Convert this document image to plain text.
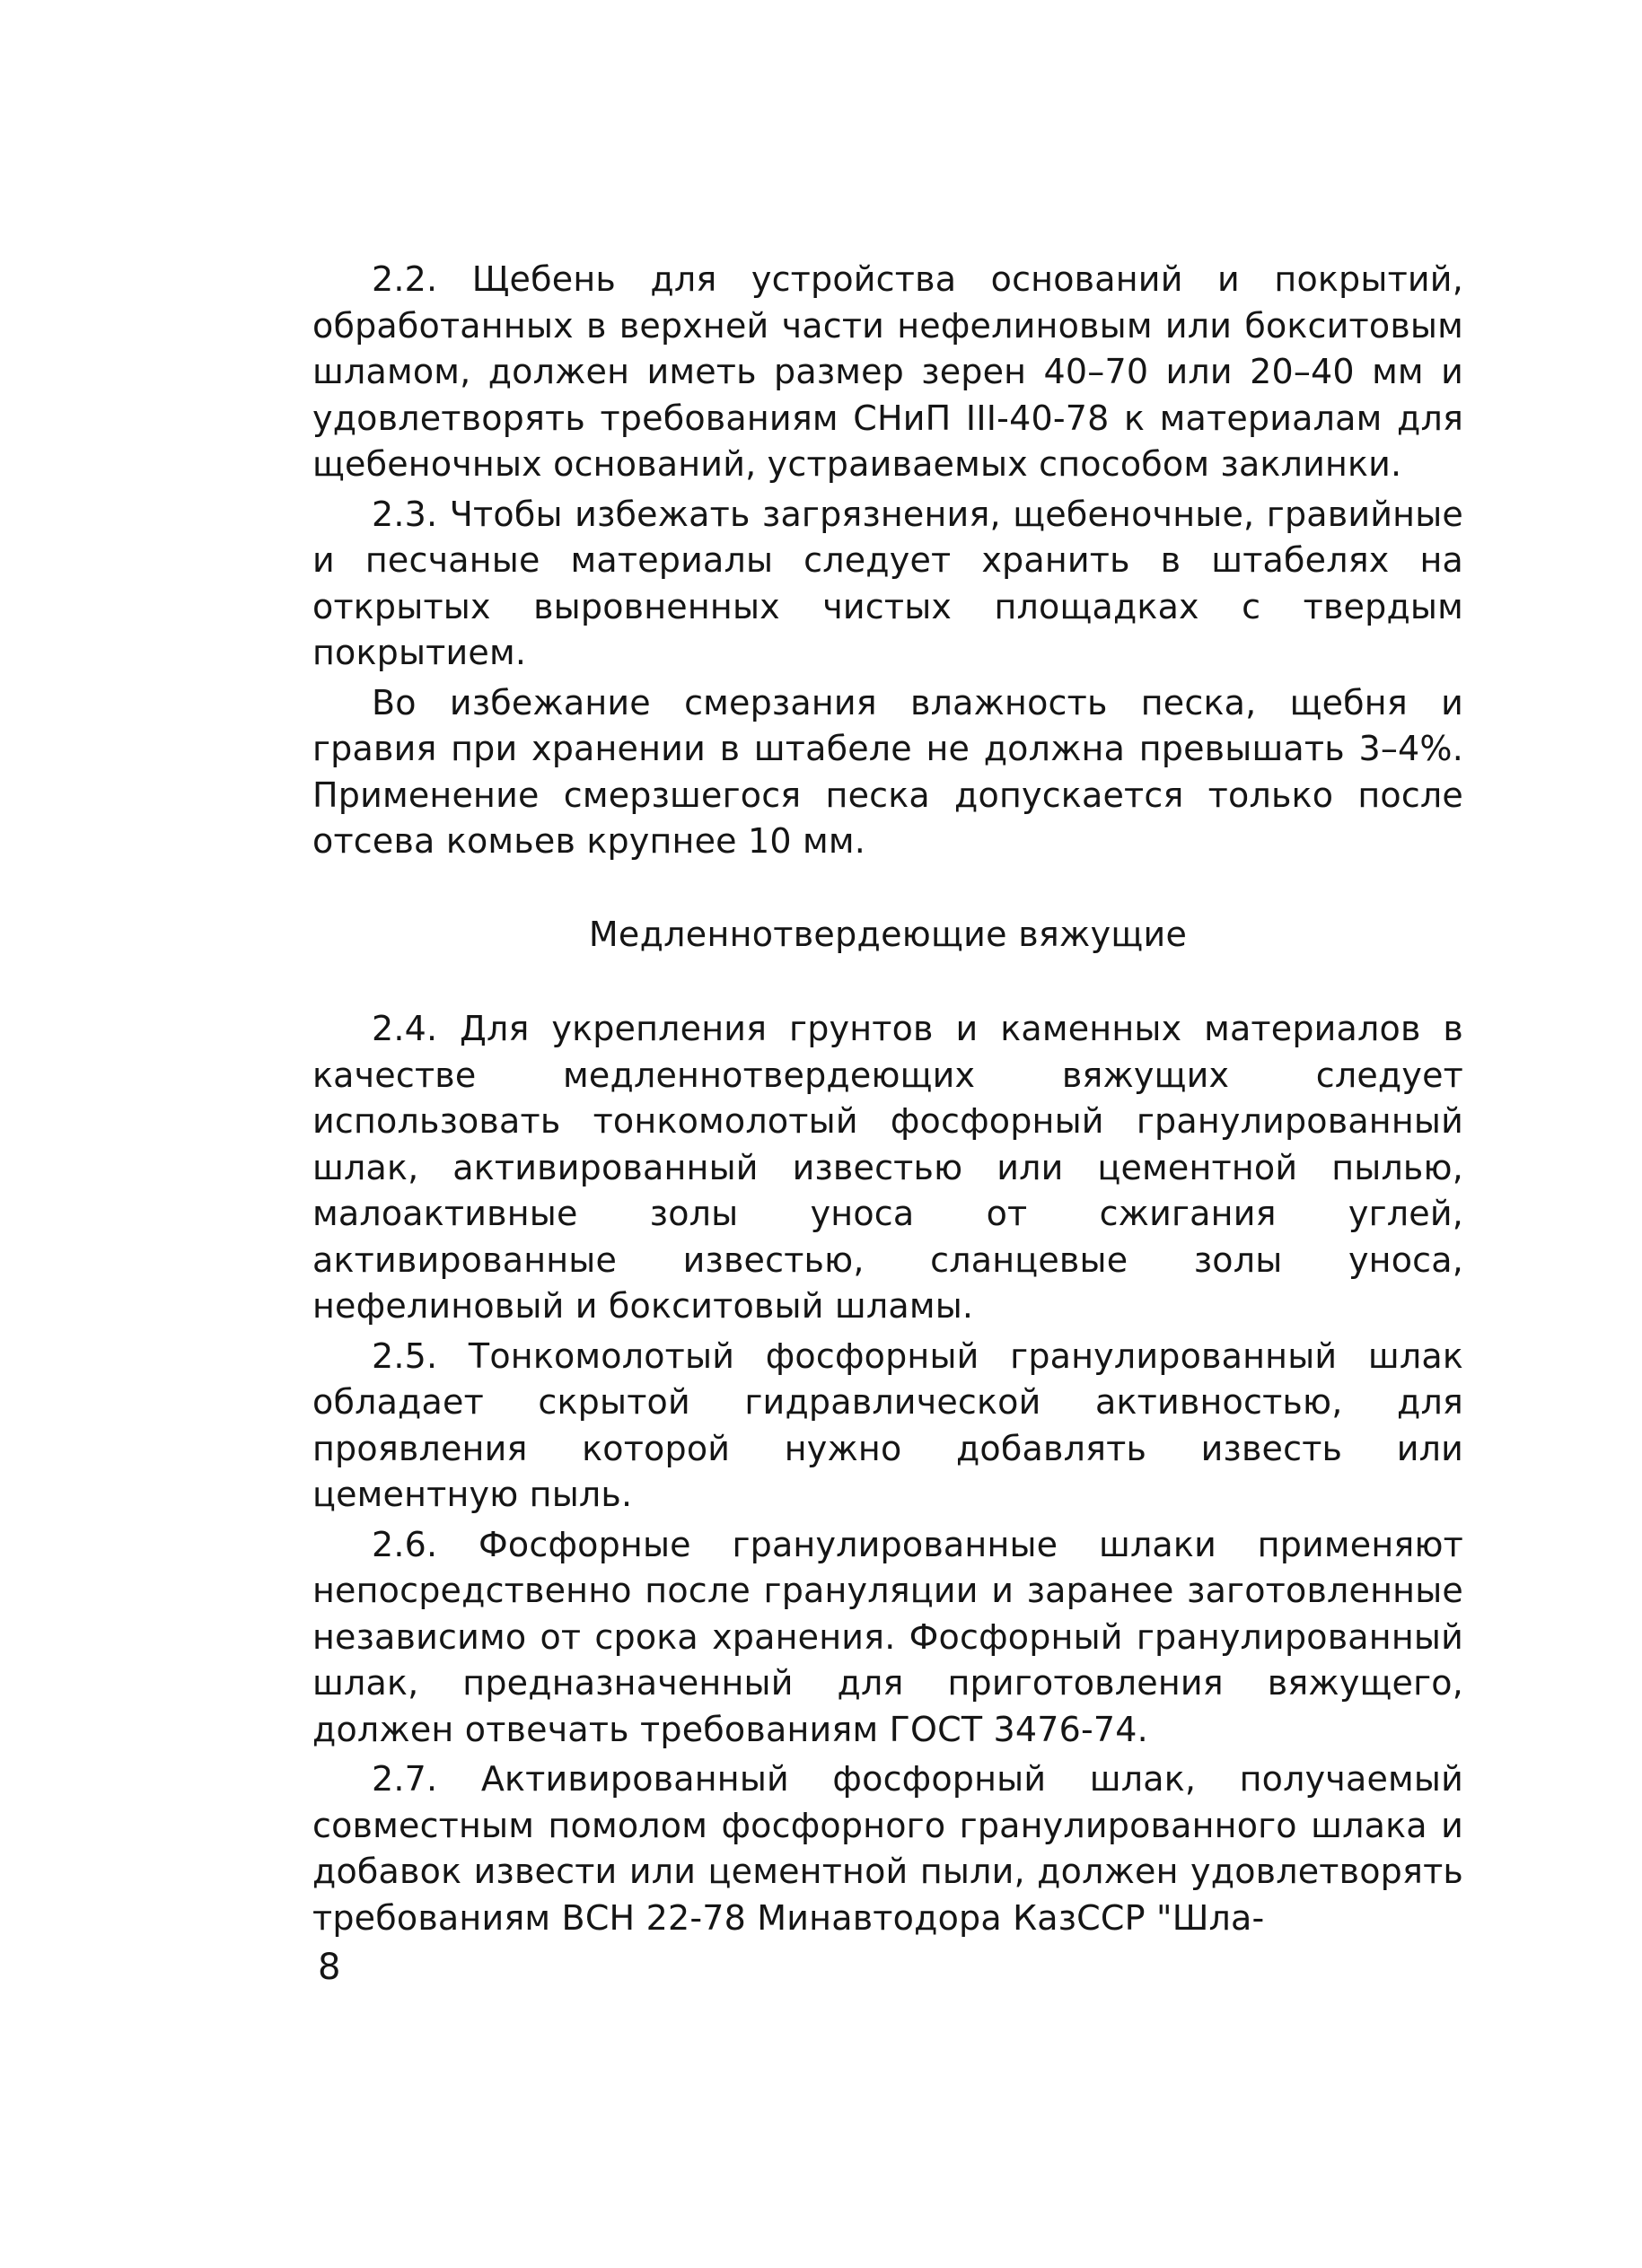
2.2. Щебень для устройства оснований и покрытий, обработанных в верхней части нефелиновым или бокситовым шламом, должен иметь размер зерен 40–70 или 20–40 мм и удовлетворять требованиям СНиП III-40-78 к материалам для щебеночных оснований, устраиваемых способом заклинки.

2.3. Чтобы избежать загрязнения, щебеночные, гравийные и песчаные материалы следует хранить в штабелях на открытых выровненных чистых площадках с твердым покрытием.

Во избежание смерзания влажность песка, щебня и гравия при хранении в штабеле не должна превышать 3–4%. Применение смерзшегося песка допускается только после отсева комьев крупнее 10 мм.

Медленнотвердеющие вяжущие

2.4. Для укрепления грунтов и каменных материалов в качестве медленнотвердеющих вяжущих следует использовать тонкомолотый фосфорный гранулированный шлак, активированный известью или цементной пылью, малоактивные золы уноса от сжигания углей, активированные известью, сланцевые золы уноса, нефелиновый и бокситовый шламы.

2.5. Тонкомолотый фосфорный гранулированный шлак обладает скрытой гидравлической активностью, для проявления которой нужно добавлять известь или цементную пыль.

2.6. Фосфорные гранулированные шлаки применяют непосредственно после грануляции и заранее заготовленные независимо от срока хранения. Фосфорный гранулированный шлак, предназначенный для приготовления вяжущего, должен отвечать требованиям ГОСТ 3476-74.

2.7. Активированный фосфорный шлак, получаемый совместным помолом фосфорного гранулированного шлака и добавок извести или цементной пыли, должен удовлетворять требованиям ВСН 22-78 Минавтодора КазССР "Шла-

8
